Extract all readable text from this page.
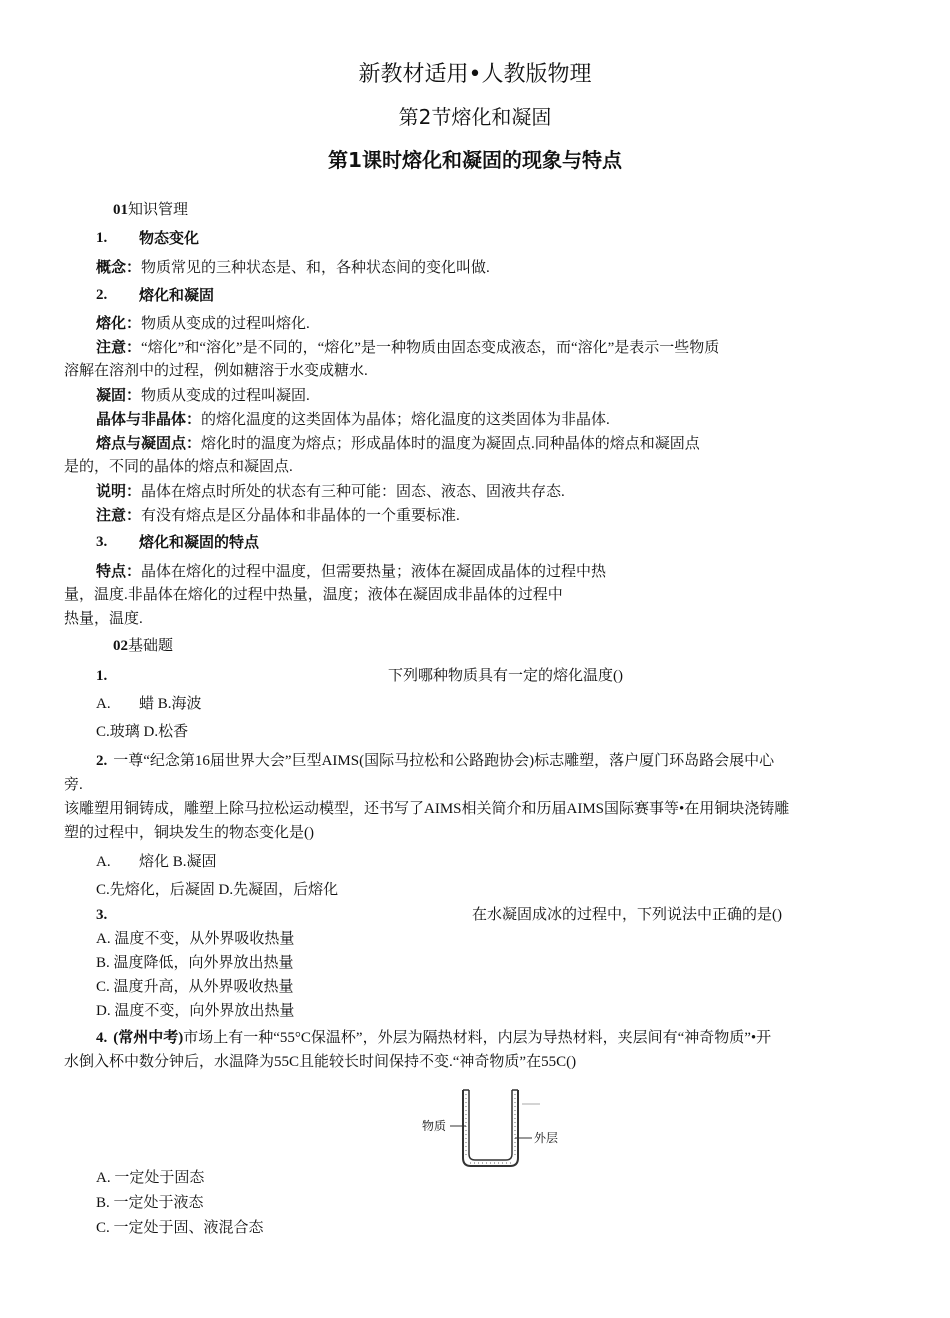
新教材适用•人教版物理
第2节熔化和凝固
第1课时熔化和凝固的现象与特点
01知识管理
1. 物态变化
概念：物质常见的三种状态是、和，各种状态间的变化叫做.
2. 熔化和凝固
熔化：物质从变成的过程叫熔化.
注意：“熔化”和“溶化”是不同的，“熔化”是一种物质由固态变成液态，而“溶化”是表示一些物质
溶解在溶剂中的过程，例如糖溶于水变成糖水.
凝固：物质从变成的过程叫凝固.
晶体与非晶体：的熔化温度的这类固体为晶体；熔化温度的这类固体为非晶体.
熔点与凝固点：熔化时的温度为熔点；形成晶体时的温度为凝固点.同种晶体的熔点和凝固点
是的，不同的晶体的熔点和凝固点.
说明：晶体在熔点时所处的状态有三种可能：固态、液态、固液共存态.
注意：有没有熔点是区分晶体和非晶体的一个重要标准.
3. 熔化和凝固的特点
特点：晶体在熔化的过程中温度，但需要热量；液体在凝固成晶体的过程中热
量，温度.非晶体在熔化的过程中热量，温度；液体在凝固成非晶体的过程中
热量，温度.
02基础题
1.	下列哪种物质具有一定的熔化温度()
A. 蜡 B.海波
C.玻璃 D.松香
2. 一尊“纪念第16届世界大会”巨型AIMS(国际马拉松和公路跑协会)标志雕塑，落户厦门环岛路会展中心
旁.
该雕塑用铜铸成，雕塑上除马拉松运动模型，还书写了AIMS相关简介和历届AIMS国际赛事等•在用铜块浇铸雕
塑的过程中，铜块发生的物态变化是()
A. 熔化 B.凝固
C.先熔化，后凝固 D.先凝固，后熔化
3.	在水凝固成冰的过程中，下列说法中正确的是()
A. 温度不变，从外界吸收热量
B. 温度降低，向外界放出热量
C. 温度升高，从外界吸收热量
D. 温度不变，向外界放出热量
4. (常州中考)市场上有一种“55°C保温杯”，外层为隔热材料，内层为导热材料，夹层间有“神奇物质”•开
水倒入杯中数分钟后，水温降为55C且能较长时间保持不变.“神奇物质”在55C()
物质
外层
A. 一定处于固态
B. 一定处于液态
C. 一定处于固、液混合态
